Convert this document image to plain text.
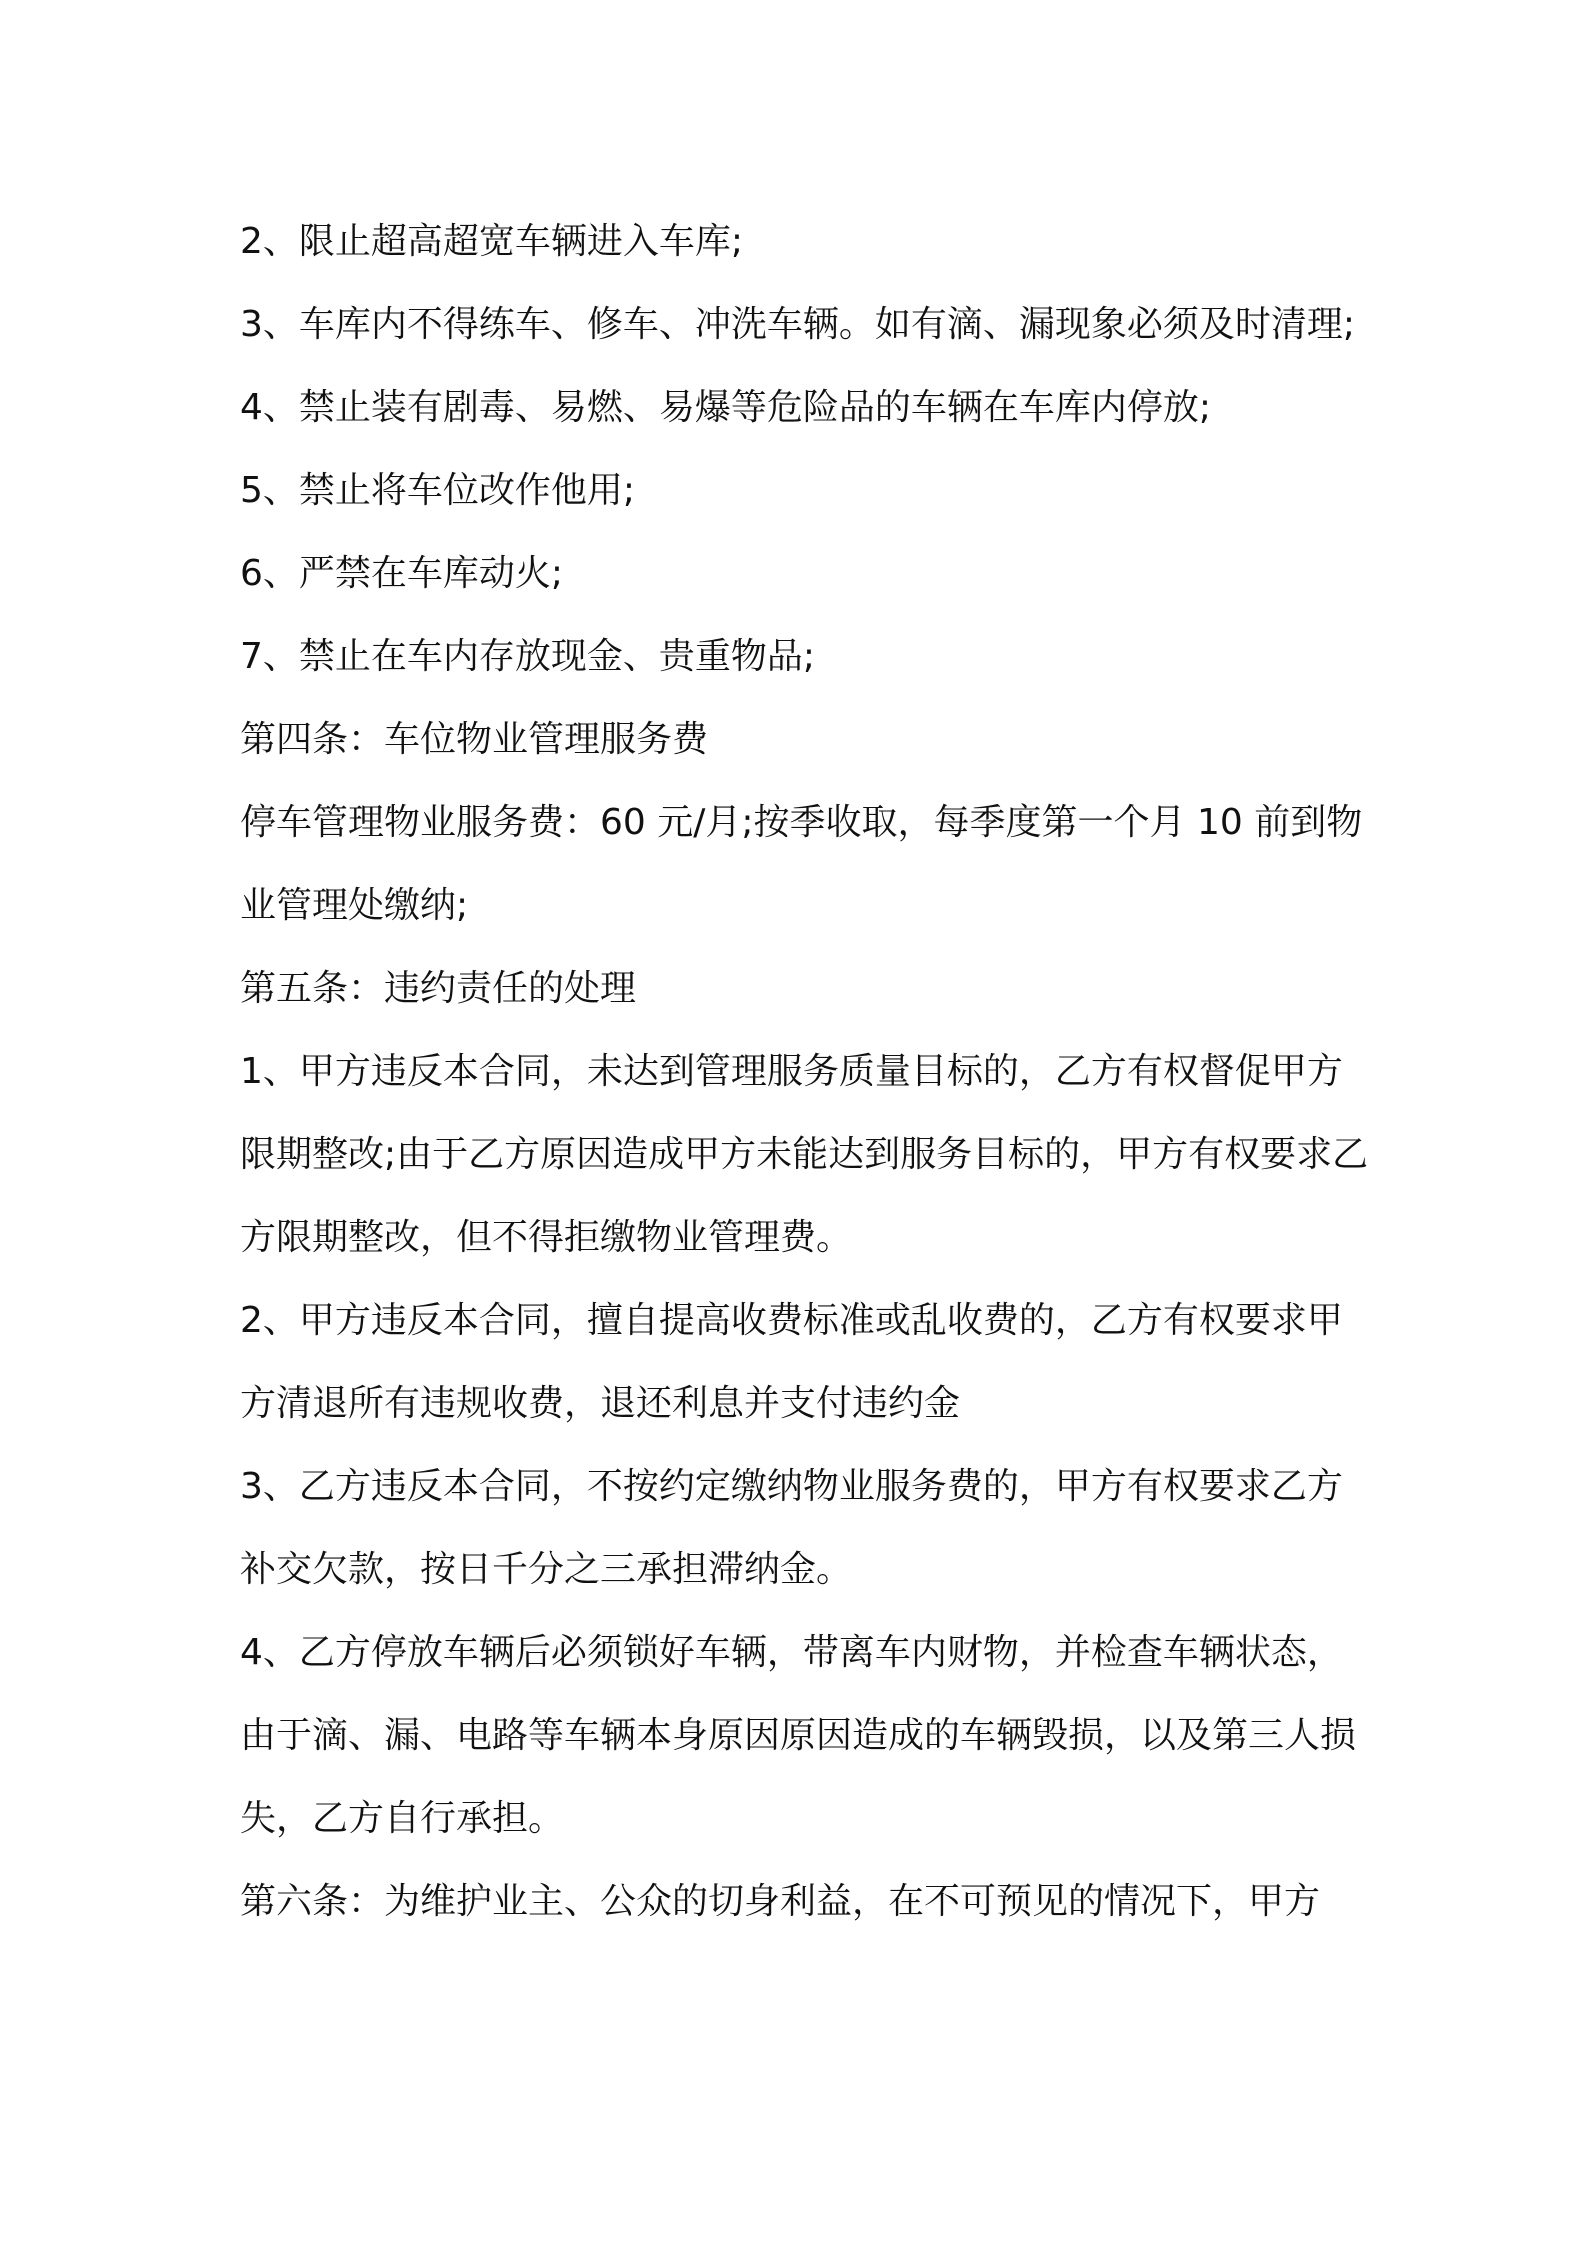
2、限止超高超宽车辆进入车库;

3、车库内不得练车、修车、冲洗车辆。如有滴、漏现象必须及时清理;

4、禁止装有剧毒、易燃、易爆等危险品的车辆在车库内停放;

5、禁止将车位改作他用;

6、严禁在车库动火;

7、禁止在车内存放现金、贵重物品;

第四条：车位物业管理服务费

停车管理物业服务费：60 元/月;按季收取，每季度第一个月 10 前到物业管理处缴纳;

第五条：违约责任的处理

1、甲方违反本合同，未达到管理服务质量目标的，乙方有权督促甲方限期整改;由于乙方原因造成甲方未能达到服务目标的，甲方有权要求乙方限期整改，但不得拒缴物业管理费。

2、甲方违反本合同，擅自提高收费标准或乱收费的，乙方有权要求甲方清退所有违规收费，退还利息并支付违约金

3、乙方违反本合同，不按约定缴纳物业服务费的，甲方有权要求乙方补交欠款，按日千分之三承担滞纳金。

4、乙方停放车辆后必须锁好车辆，带离车内财物，并检查车辆状态，由于滴、漏、电路等车辆本身原因原因造成的车辆毁损，以及第三人损失，乙方自行承担。

第六条：为维护业主、公众的切身利益，在不可预见的情况下，甲方
